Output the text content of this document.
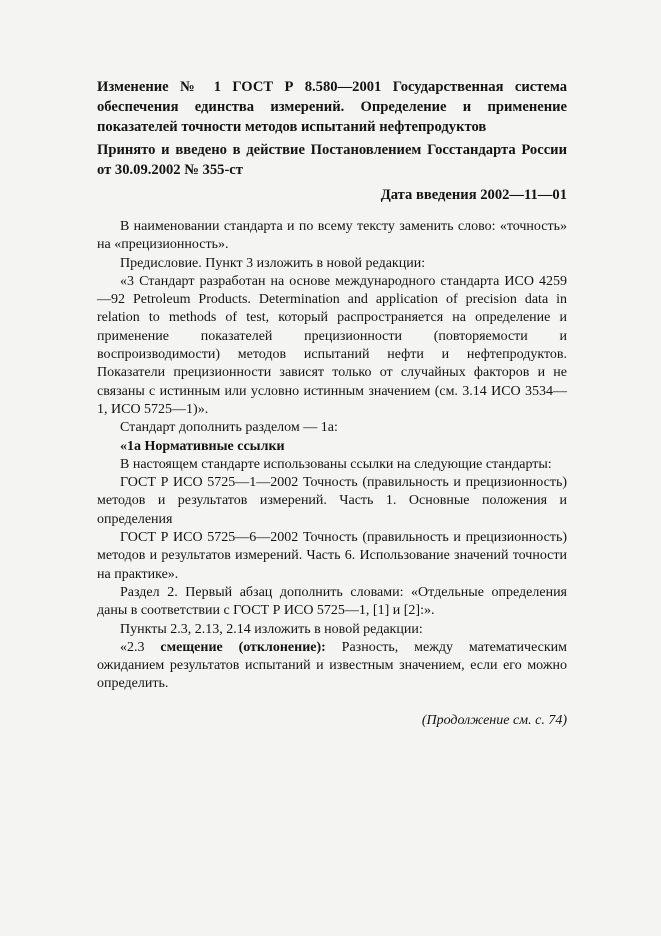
Изменение № 1 ГОСТ Р 8.580—2001 Государственная система обеспечения единства измерений. Определение и применение показателей точности методов испытаний нефтепродуктов

Принято и введено в действие Постановлением Госстандарта России от 30.09.2002 № 355-ст

Дата введения 2002—11—01

В наименовании стандарта и по всему тексту заменить слово: «точность» на «прецизионность».

Предисловие. Пункт 3 изложить в новой редакции:

«3 Стандарт разработан на основе международного стандарта ИСО 4259—92 Petroleum Products. Determination and application of precision data in relation to methods of test, который распространяется на определение и применение показателей прецизионности (повторяемости и воспроизводимости) методов испытаний нефти и нефтепродуктов. Показатели прецизионности зависят только от случайных факторов и не связаны с истинным или условно истинным значением (см. 3.14 ИСО 3534—1, ИСО 5725—1)».

Стандарт дополнить разделом — 1а:

«1а Нормативные ссылки

В настоящем стандарте использованы ссылки на следующие стандарты:

ГОСТ Р ИСО 5725—1—2002 Точность (правильность и прецизионность) методов и результатов измерений. Часть 1. Основные положения и определения

ГОСТ Р ИСО 5725—6—2002 Точность (правильность и прецизионность) методов и результатов измерений. Часть 6. Использование значений точности на практике».

Раздел 2. Первый абзац дополнить словами: «Отдельные определения даны в соответствии с ГОСТ Р ИСО 5725—1, [1] и [2]:».

Пункты 2.3, 2.13, 2.14 изложить в новой редакции:

«2.3 смещение (отклонение): Разность, между математическим ожиданием результатов испытаний и известным значением, если его можно определить.

(Продолжение см. с. 74)
